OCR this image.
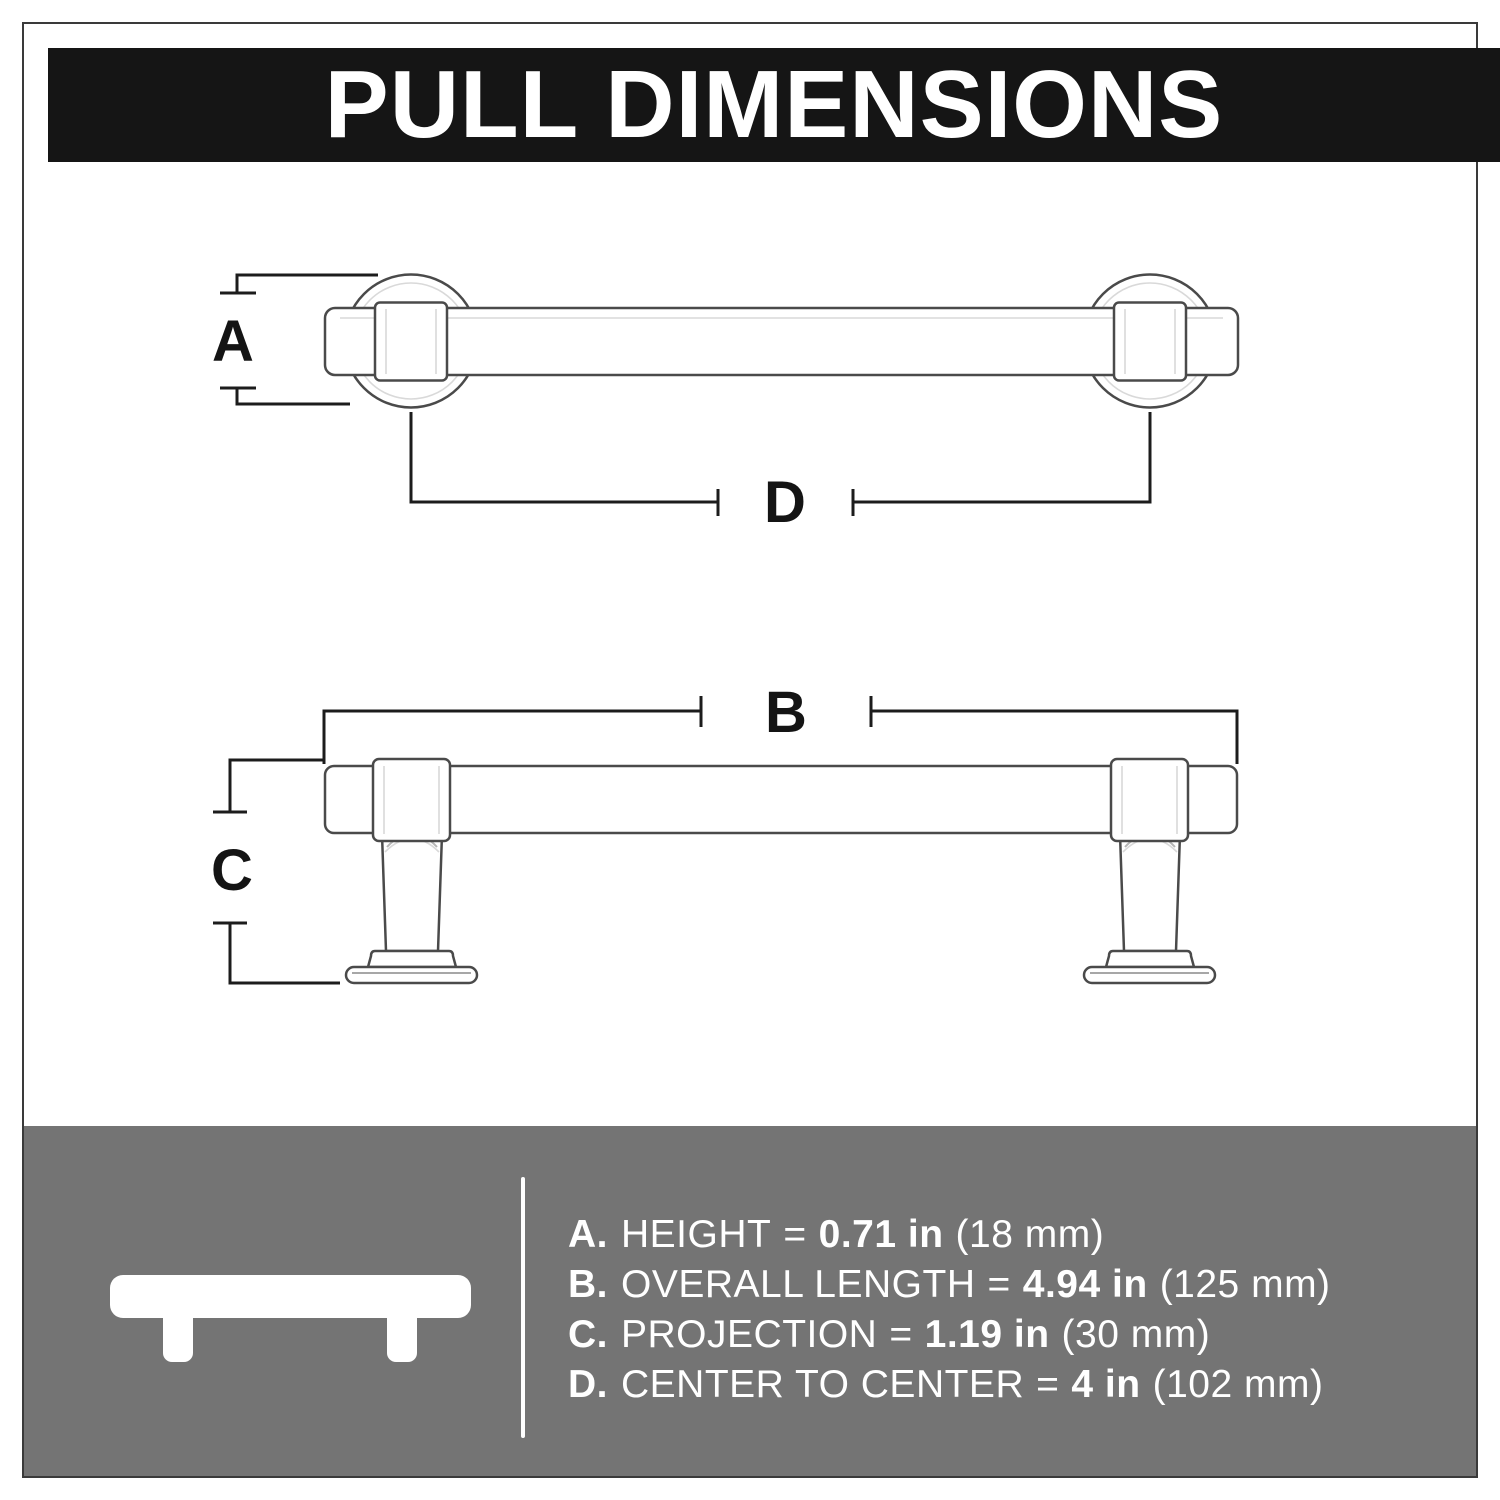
PULL DIMENSIONS
A
D
B
C
A. HEIGHT = 0.71 in (18 mm)
B. OVERALL LENGTH = 4.94 in (125 mm)
C. PROJECTION = 1.19 in (30 mm)
D. CENTER TO CENTER = 4 in (102 mm)
